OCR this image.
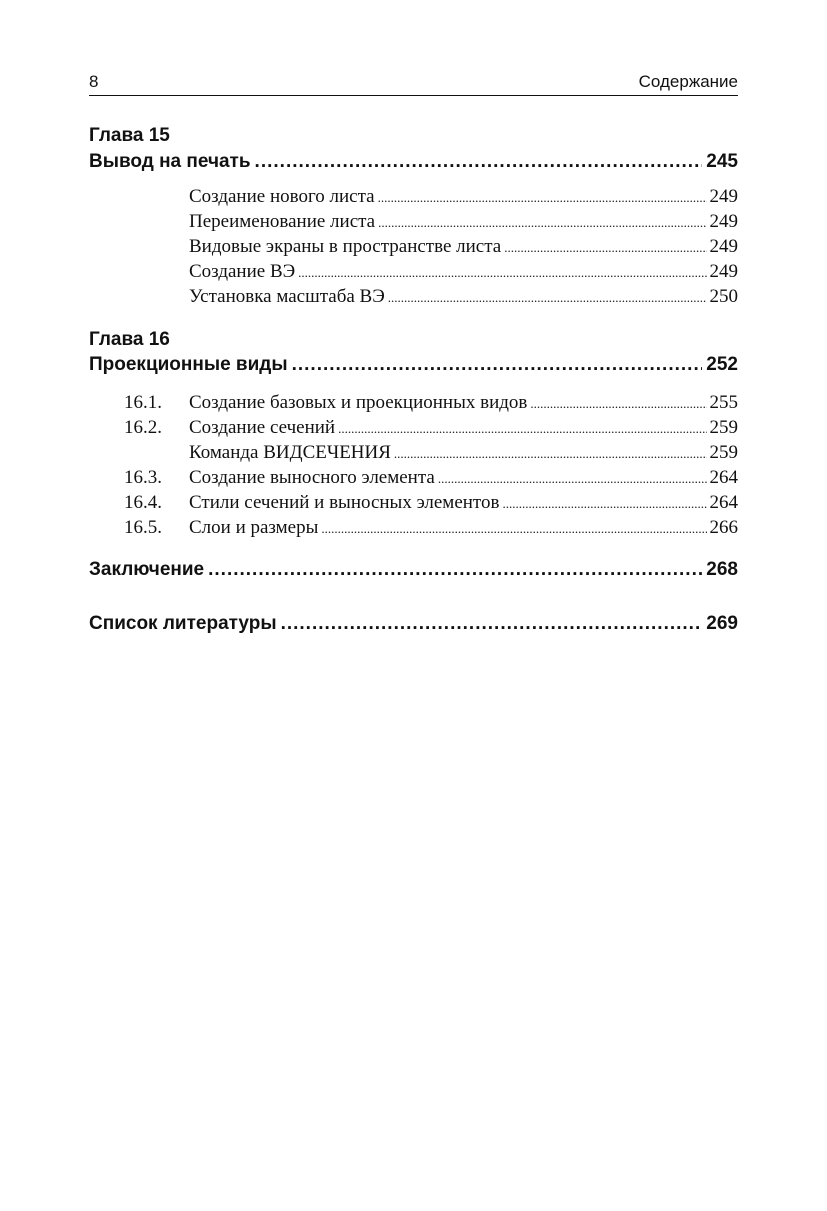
8	Содержание
Глава 15
Вывод на печать .....	245
Создание нового листа .....	249
Переименование листа .....	249
Видовые экраны в пространстве листа .....	249
Создание ВЭ .....	249
Установка масштаба ВЭ .....	250
Глава 16
Проекционные виды .....	252
16.1.	Создание базовых и проекционных видов .....	255
16.2.	Создание сечений .....	259
Команда ВИДСЕЧЕНИЯ .....	259
16.3.	Создание выносного элемента .....	264
16.4.	Стили сечений и выносных элементов .....	264
16.5.	Слои и размеры .....	266
Заключение .....	268
Список литературы .....	269
